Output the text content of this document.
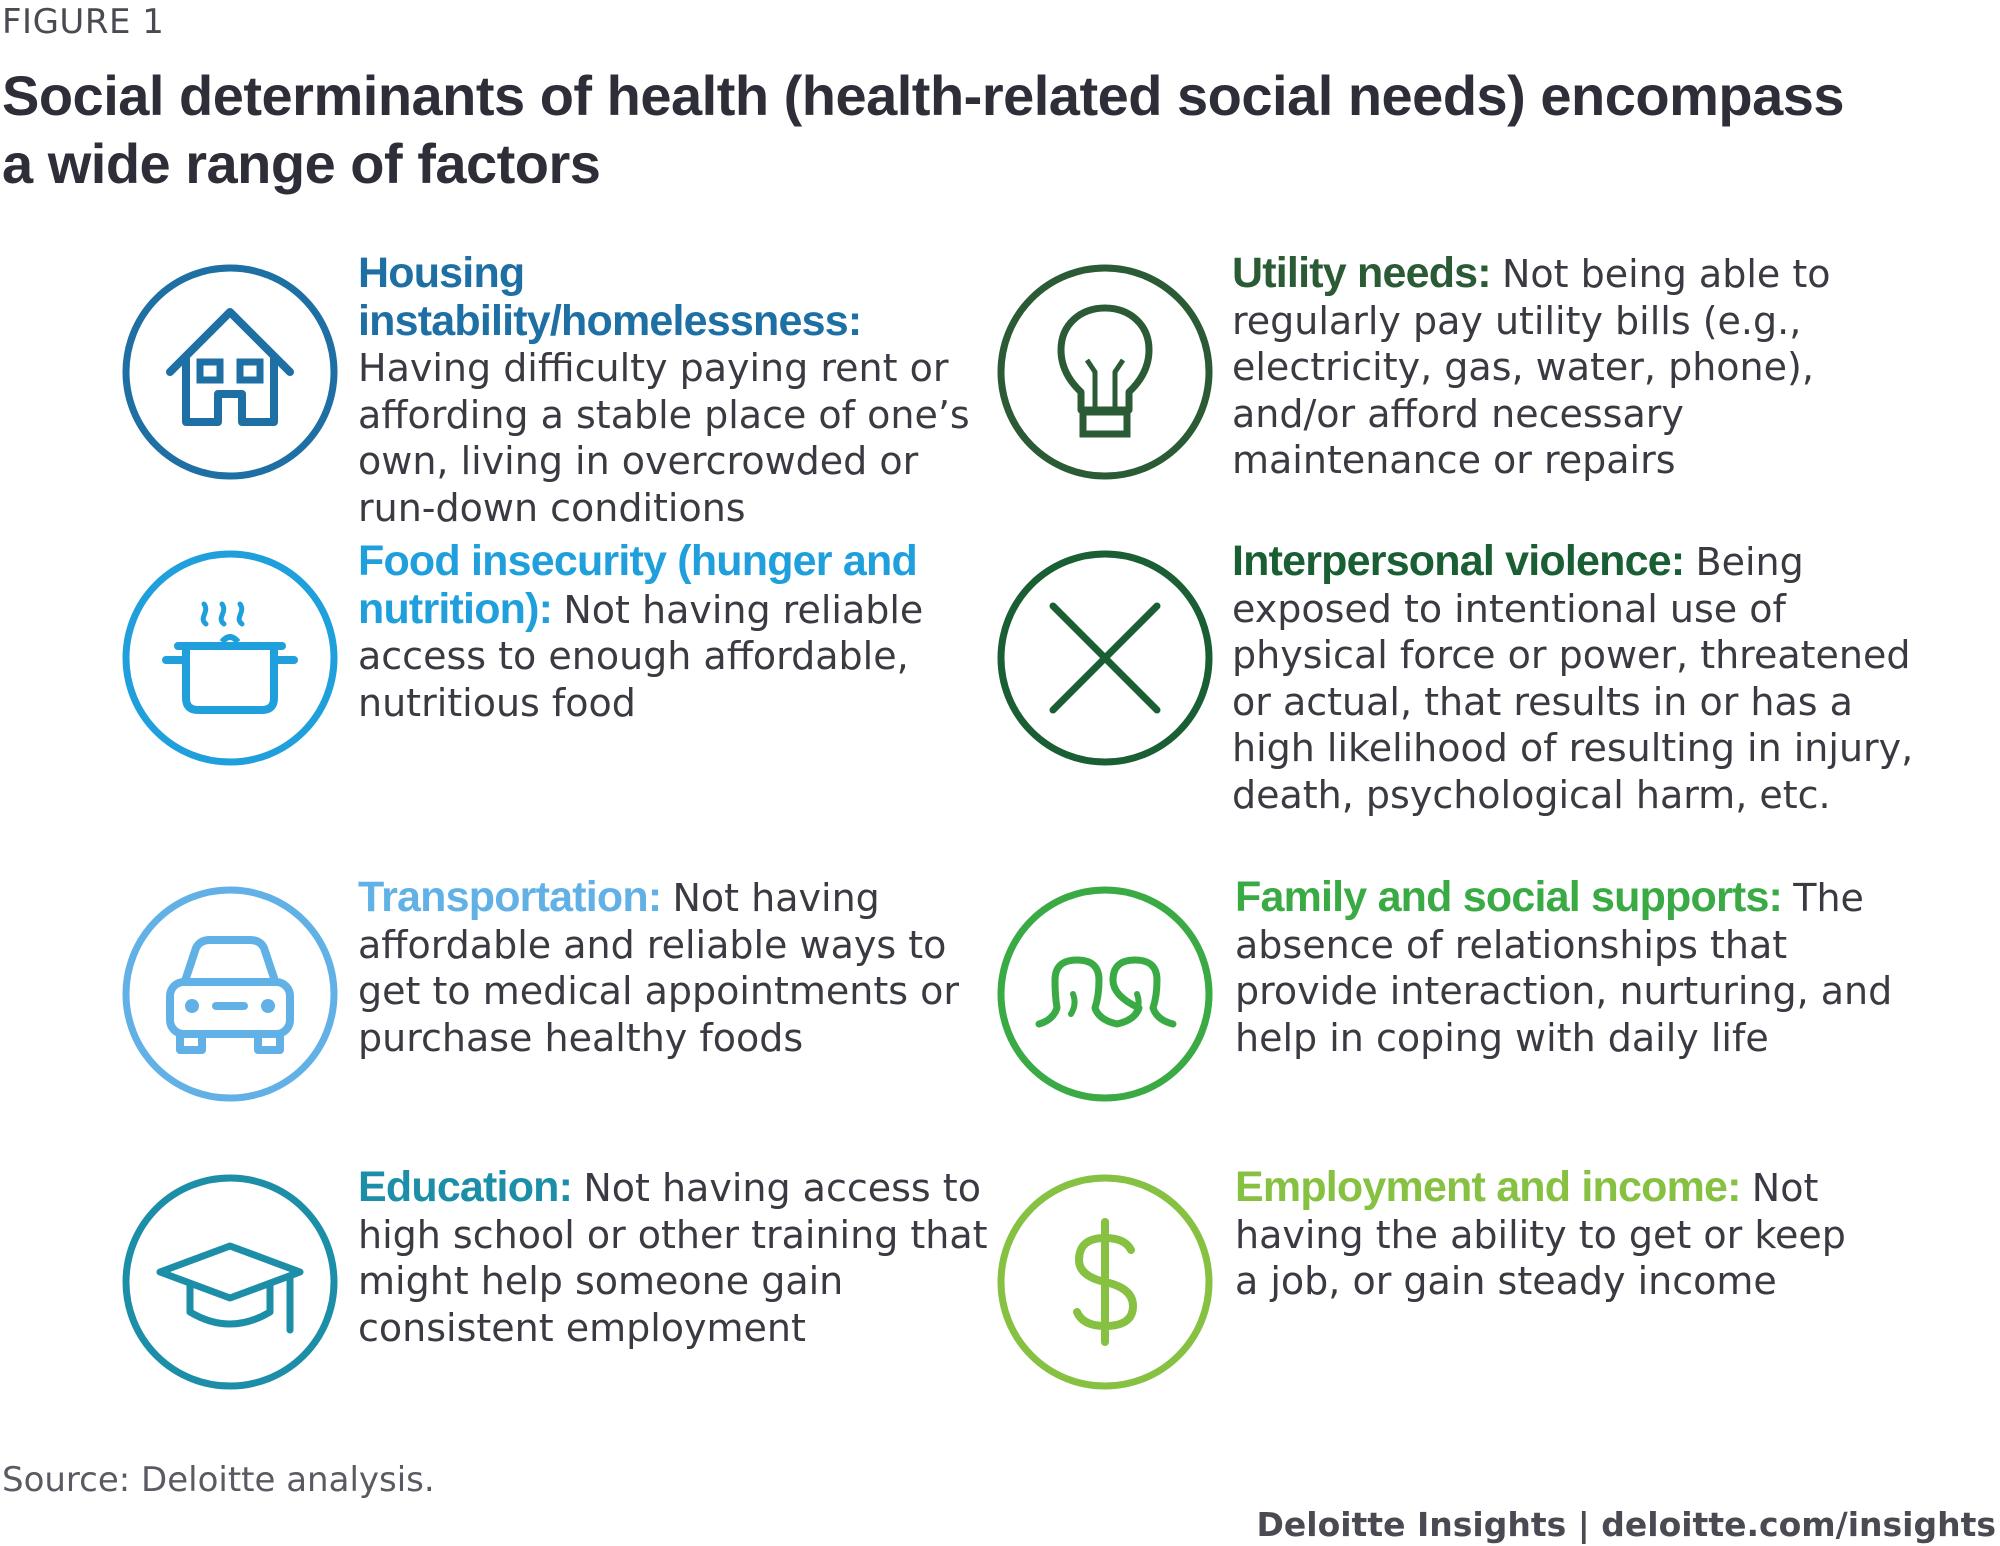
FIGURE 1
Social determinants of health (health-related social needs) encompass a wide range of factors
Housing instability/homelessness:
Having difficulty paying rent or affording a stable place of one’s own, living in overcrowded or run-down conditions
Utility needs: Not being able to regularly pay utility bills (e.g., electricity, gas, water, phone), and/or afford necessary maintenance or repairs
Food insecurity (hunger and nutrition): Not having reliable access to enough affordable, nutritious food
Interpersonal violence: Being exposed to intentional use of physical force or power, threatened or actual, that results in or has a high likelihood of resulting in injury, death, psychological harm, etc.
Transportation: Not having affordable and reliable ways to get to medical appointments or purchase healthy foods
Family and social supports: The absence of relationships that provide interaction, nurturing, and help in coping with daily life
Education: Not having access to high school or other training that might help someone gain consistent employment
Employment and income: Not having the ability to get or keep a job, or gain steady income
Source: Deloitte analysis.
Deloitte Insights | deloitte.com/insights
